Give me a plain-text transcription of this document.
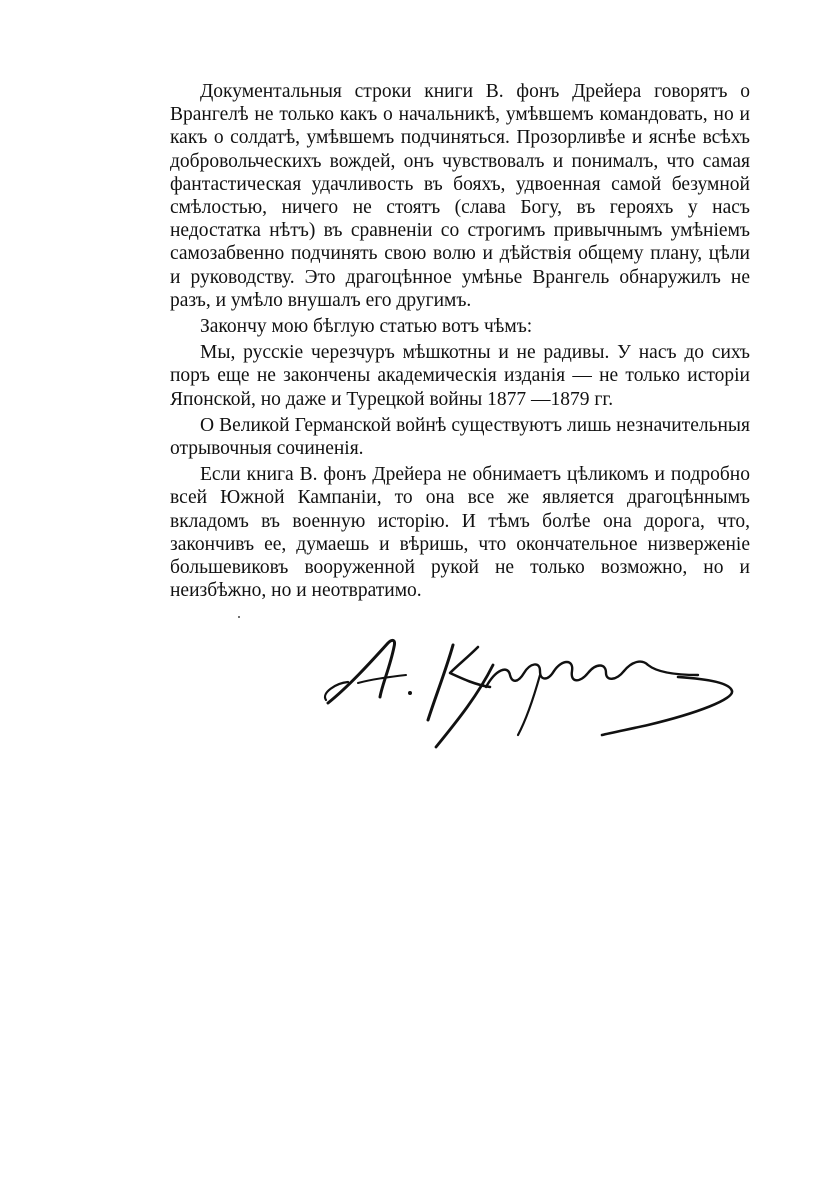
Документальныя строки книги В. фонъ Дрейера говорятъ о Врангелѣ не только какъ о начальникѣ, умѣвшемъ командовать, но и какъ о солдатѣ, умѣвшемъ подчиняться. Прозорливѣе и яснѣе всѣхъ добровольческихъ вождей, онъ чувствовалъ и понималъ, что самая фантастическая удачливость въ бояхъ, удвоенная самой безумной смѣлостью, ничего не стоятъ (слава Богу, въ герояхъ у насъ недостатка нѣтъ) въ сравненіи со строгимъ привычнымъ умѣніемъ самозабвенно подчинять свою волю и дѣйствія общему плану, цѣли и руководству. Это драгоцѣнное умѣнье Врангель обнаружилъ не разъ, и умѣло внушалъ его другимъ.

Закончу мою бѣглую статью вотъ чѣмъ:

Мы, русскіе черезчуръ мѣшкотны и не радивы. У насъ до сихъ поръ еще не закончены академическія изданія — не только исторіи Японской, но даже и Турецкой войны 1877 —1879 гг.

О Великой Германской войнѣ существуютъ лишь незначительныя отрывочныя сочиненія.

Если книга В. фонъ Дрейера не обнимаетъ цѣликомъ и подробно всей Южной Кампаніи, то она все же является драгоцѣннымъ вкладомъ въ военную исторію. И тѣмъ болѣе она дорога, что, закончивъ ее, думаешь и вѣришь, что окончательное низверженіе большевиковъ вооруженной рукой не только возможно, но и неизбѣжно, но и неотвратимо.
